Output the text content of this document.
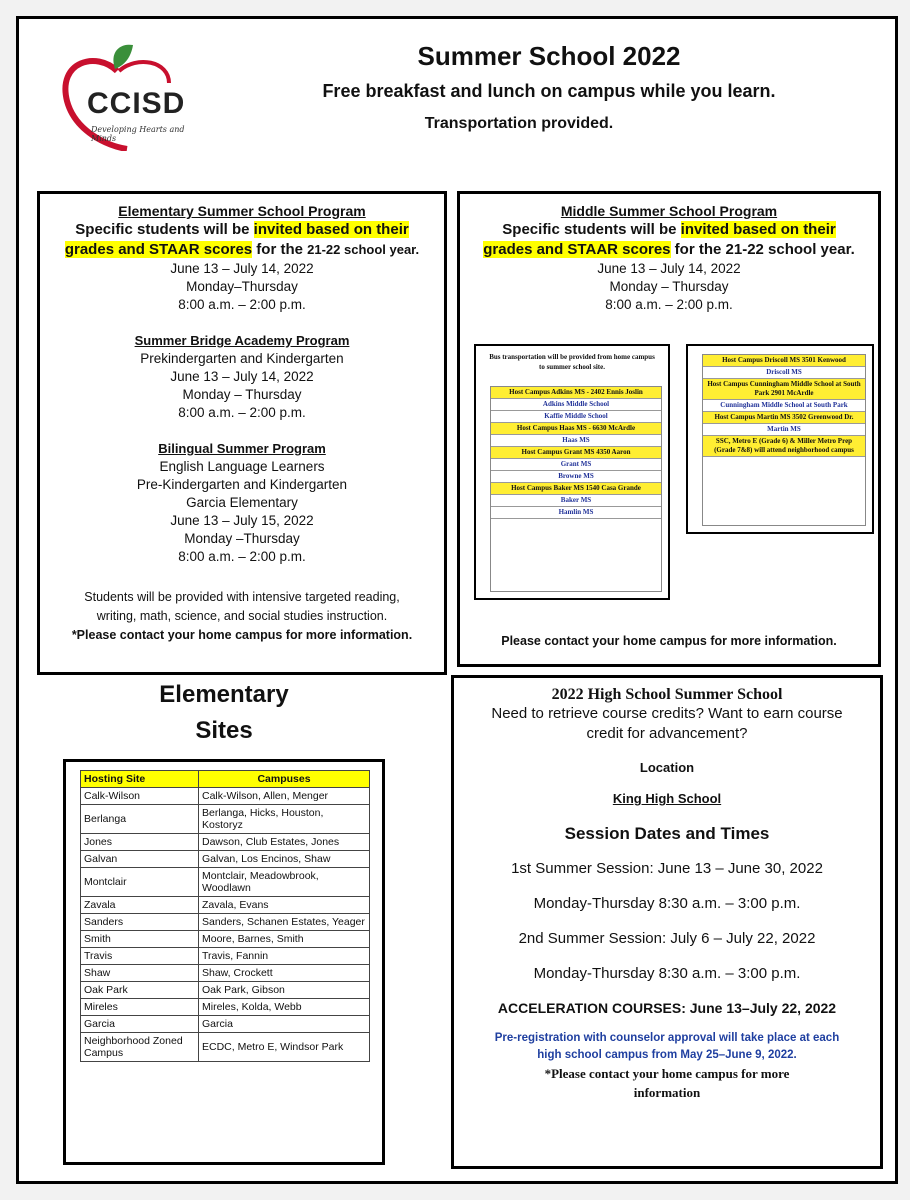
CCISD
Developing Hearts and Minds
Summer School 2022
Free breakfast and lunch on campus while you learn.
Transportation provided.
Elementary Summer School Program
Specific students will be invited based on their
grades and STAAR scores for the 21-22 school year.
June 13 – July 14, 2022
Monday–Thursday
8:00 a.m. – 2:00 p.m.
Summer Bridge Academy Program
Prekindergarten and Kindergarten
June 13 – July 14, 2022
Monday – Thursday
8:00 a.m. – 2:00 p.m.
Bilingual Summer Program
English Language Learners
Pre-Kindergarten and Kindergarten
Garcia Elementary
June 13 – July 15, 2022
Monday –Thursday
8:00 a.m. – 2:00 p.m.
Students will be provided with intensive targeted reading,
writing, math, science, and social studies instruction.
*Please contact your home campus for more information.
Middle Summer School Program
Specific students will be invited based on their
grades and STAAR scores for the 21-22 school year.
June 13 – July 14, 2022
Monday – Thursday
8:00 a.m. – 2:00 p.m.
Bus transportation will be provided from home campus to summer school site.
Host Campus Adkins MS - 2402 Ennis Joslin
Adkins Middle School
Kaffie Middle School
Host Campus Haas MS - 6630 McArdle
Haas MS
Host Campus Grant MS 4350 Aaron
Grant MS
Browne MS
Host Campus Baker MS 1540 Casa Grande
Baker MS
Hamlin MS
Host Campus Driscoll MS 3501 Kenwood
Driscoll MS
Host Campus Cunningham Middle School at South Park 2901 McArdle
Cunningham Middle School at South Park
Host Campus Martin MS 3502 Greenwood Dr.
Martin MS
SSC, Metro E (Grade 6) & Miller Metro Prep (Grade 7&8) will attend neighborhood campus
Please contact your home campus for more information.
Elementary
Sites
Hosting Site	Campuses
Calk-Wilson	Calk-Wilson, Allen, Menger
Berlanga	Berlanga, Hicks, Houston, Kostoryz
Jones	Dawson, Club Estates, Jones
Galvan	Galvan, Los Encinos, Shaw
Montclair	Montclair, Meadowbrook, Woodlawn
Zavala	Zavala, Evans
Sanders	Sanders, Schanen Estates, Yeager
Smith	Moore, Barnes, Smith
Travis	Travis, Fannin
Shaw	Shaw, Crockett
Oak Park	Oak Park, Gibson
Mireles	Mireles, Kolda, Webb
Garcia	Garcia
Neighborhood Zoned Campus	ECDC, Metro E, Windsor Park
2022 High School Summer School
Need to retrieve course credits? Want to earn course
credit for advancement?
Location
King High School
Session Dates and Times
1st Summer Session: June 13 – June 30, 2022
Monday-Thursday 8:30 a.m. – 3:00 p.m.
2nd Summer Session: July 6 – July 22, 2022
Monday-Thursday 8:30 a.m. – 3:00 p.m.
ACCELERATION COURSES: June 13–July 22, 2022
Pre-registration with counselor approval will take place at each
high school campus from May 25–June 9, 2022.
*Please contact your home campus for more
information
